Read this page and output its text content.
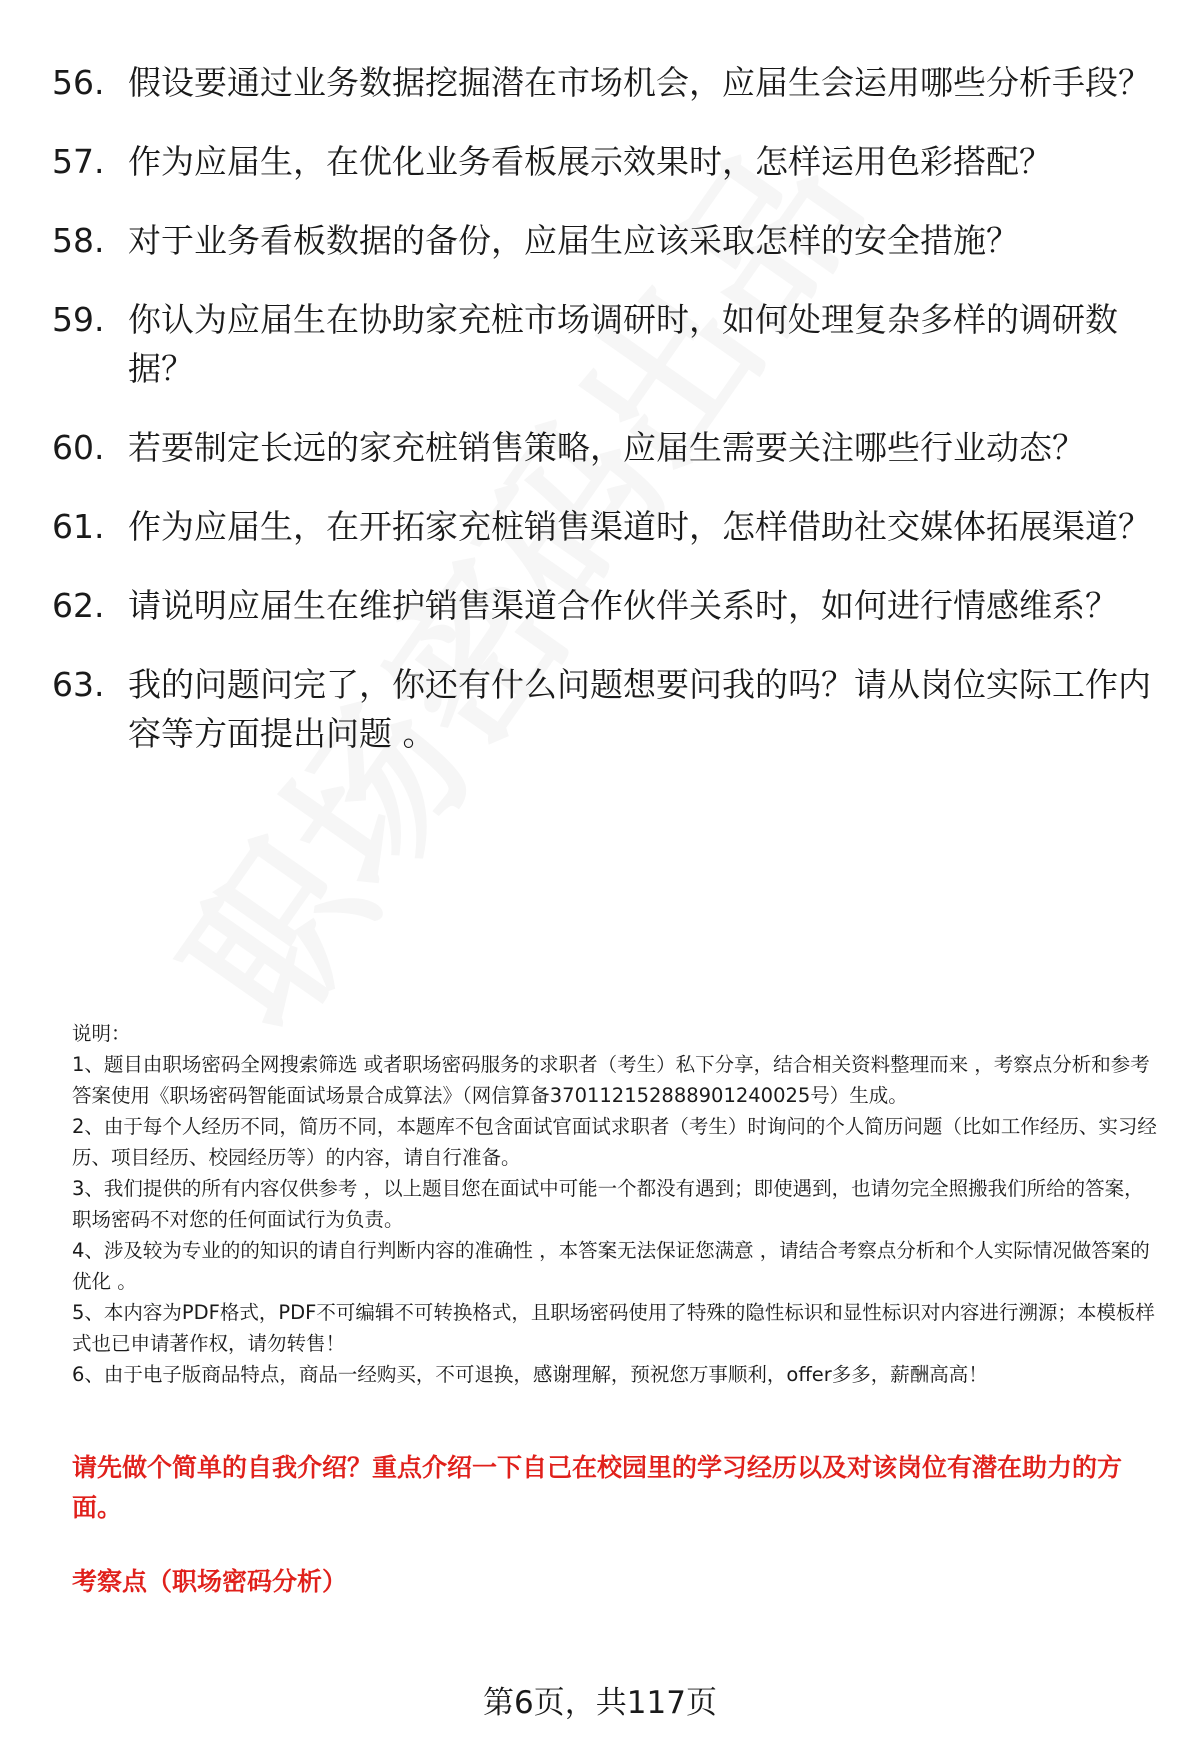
56. 假设要通过业务数据挖掘潜在市场机会，应届生会运用哪些分析手段？
57. 作为应届生，在优化业务看板展示效果时，怎样运用色彩搭配？
58. 对于业务看板数据的备份，应届生应该采取怎样的安全措施？
59. 你认为应届生在协助家充桩市场调研时，如何处理复杂多样的调研数据？
60. 若要制定长远的家充桩销售策略，应届生需要关注哪些行业动态？
61. 作为应届生，在开拓家充桩销售渠道时，怎样借助社交媒体拓展渠道？
62. 请说明应届生在维护销售渠道合作伙伴关系时，如何进行情感维系？
63. 我的问题问完了，你还有什么问题想要问我的吗？请从岗位实际工作内容等方面提出问题 。

说明：

1、题目由职场密码全网搜索筛选 或者职场密码服务的求职者（考生）私下分享，结合相关资料整理而来 ，考察点分析和参考答案使用《职场密码智能面试场景合成算法》（网信算备370112152888901240025号）生成。

2、由于每个人经历不同，简历不同，本题库不包含面试官面试求职者（考生）时询问的个人简历问题（比如工作经历、实习经历、项目经历、校园经历等）的内容，请自行准备。

3、我们提供的所有内容仅供参考 ，以上题目您在面试中可能一个都没有遇到；即使遇到，也请勿完全照搬我们所给的答案，职场密码不对您的任何面试行为负责。

4、涉及较为专业的的知识的请自行判断内容的准确性 ，本答案无法保证您满意 ，请结合考察点分析和个人实际情况做答案的优化 。

5、本内容为PDF格式，PDF不可编辑不可转换格式，且职场密码使用了特殊的隐性标识和显性标识对内容进行溯源；本模板样式也已申请著作权，请勿转售！

6、由于电子版商品特点，商品一经购买，不可退换，感谢理解，预祝您万事顺利，offer多多，薪酬高高！

请先做个简单的自我介绍？重点介绍一下自己在校园里的学习经历以及对该岗位有潜在助力的方面。
考察点（职场密码分析）
第6页，共117页
